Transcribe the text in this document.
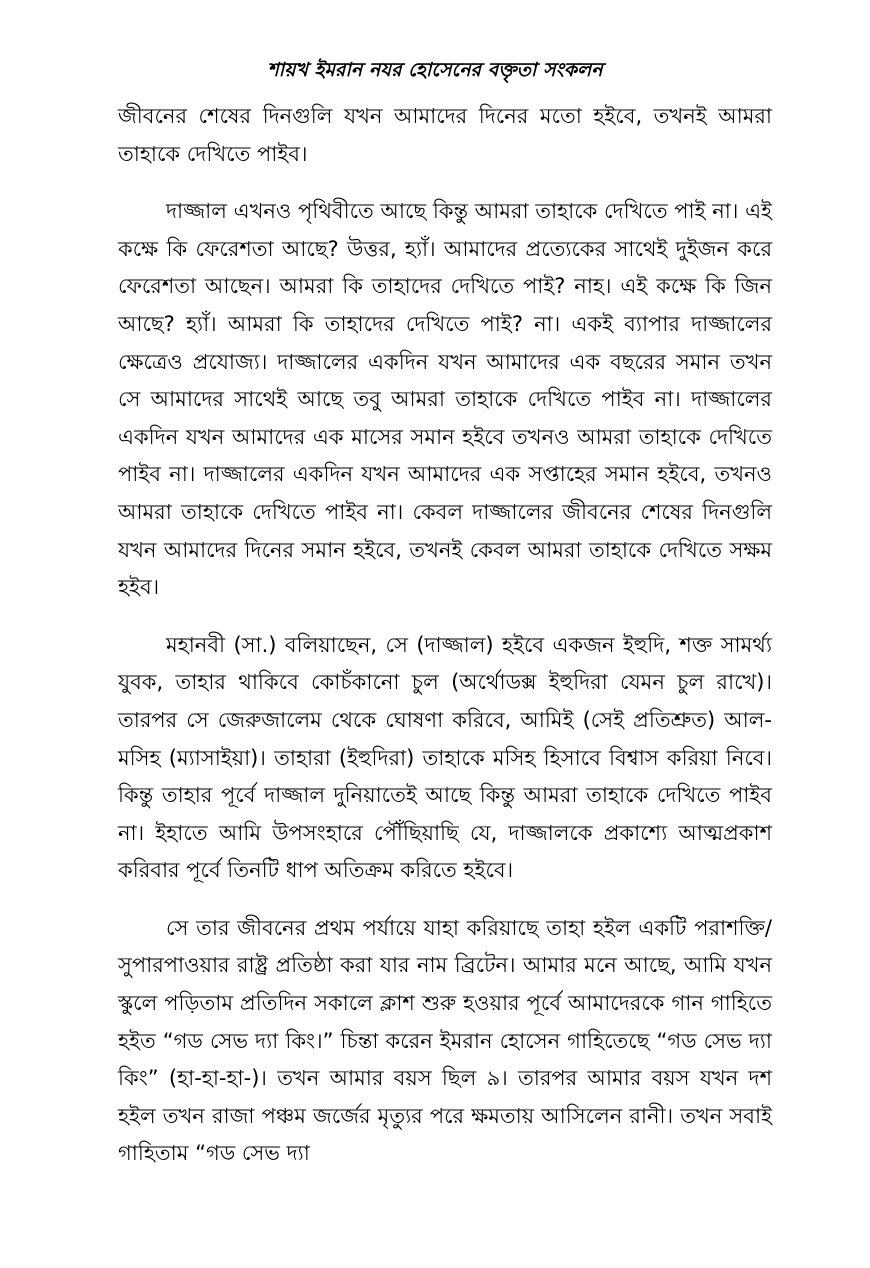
শায়খ ইমরান নযর হোসেনের বক্তৃতা সংকলন

জীবনের শেষের দিনগুলি যখন আমাদের দিনের মতো হইবে, তখনই আমরা তাহাকে দেখিতে পাইব।

দাজ্জাল এখনও পৃথিবীতে আছে কিন্তু আমরা তাহাকে দেখিতে পাই না। এই কক্ষে কি ফেরেশতা আছে? উত্তর, হ্যাঁ। আমাদের প্রত্যেকের সাথেই দুইজন করে ফেরেশতা আছেন। আমরা কি তাহাদের দেখিতে পাই? নাহ। এই কক্ষে কি জিন আছে? হ্যাঁ। আমরা কি তাহাদের দেখিতে পাই? না। একই ব্যাপার দাজ্জালের ক্ষেত্রেও প্রযোজ্য। দাজ্জালের একদিন যখন আমাদের এক বছরের সমান তখন সে আমাদের সাথেই আছে তবু আমরা তাহাকে দেখিতে পাইব না। দাজ্জালের একদিন যখন আমাদের এক মাসের সমান হইবে তখনও আমরা তাহাকে দেখিতে পাইব না। দাজ্জালের একদিন যখন আমাদের এক সপ্তাহের সমান হইবে, তখনও আমরা তাহাকে দেখিতে পাইব না। কেবল দাজ্জালের জীবনের শেষের দিনগুলি যখন আমাদের দিনের সমান হইবে, তখনই কেবল আমরা তাহাকে দেখিতে সক্ষম হইব।

মহানবী (সা.) বলিয়াছেন, সে (দাজ্জাল) হইবে একজন ইহুদি, শক্ত সামর্থ্য যুবক, তাহার থাকিবে কোচঁকানো চুল (অর্থোডক্স ইহুদিরা যেমন চুল রাখে)। তারপর সে জেরুজালেম থেকে ঘোষণা করিবে, আমিই (সেই প্রতিশ্রুত) আল-মসিহ (ম্যাসাইয়া)। তাহারা (ইহুদিরা) তাহাকে মসিহ হিসাবে বিশ্বাস করিয়া নিবে। কিন্তু তাহার পূর্বে দাজ্জাল দুনিয়াতেই আছে কিন্তু আমরা তাহাকে দেখিতে পাইব না। ইহাতে আমি উপসংহারে পৌঁছিয়াছি যে, দাজ্জালকে প্রকাশ্যে আত্মপ্রকাশ করিবার পূর্বে তিনটি ধাপ অতিক্রম করিতে হইবে।

সে তার জীবনের প্রথম পর্যায়ে যাহা করিয়াছে তাহা হইল একটি পরাশক্তি/সুপারপাওয়ার রাষ্ট্র প্রতিষ্ঠা করা যার নাম ব্রিটেন। আমার মনে আছে, আমি যখন স্কুলে পড়িতাম প্রতিদিন সকালে ক্লাশ শুরু হওয়ার পূর্বে আমাদেরকে গান গাহিতে হইত “গড সেভ দ্যা কিং।” চিন্তা করেন ইমরান হোসেন গাহিতেছে “গড সেভ দ্যা কিং” (হা-হা-হা-)। তখন আমার বয়স ছিল ৯। তারপর আমার বয়স যখন দশ হইল তখন রাজা পঞ্চম জর্জের মৃত্যুর পরে ক্ষমতায় আসিলেন রানী। তখন সবাই গাহিতাম “গড সেভ দ্যা
